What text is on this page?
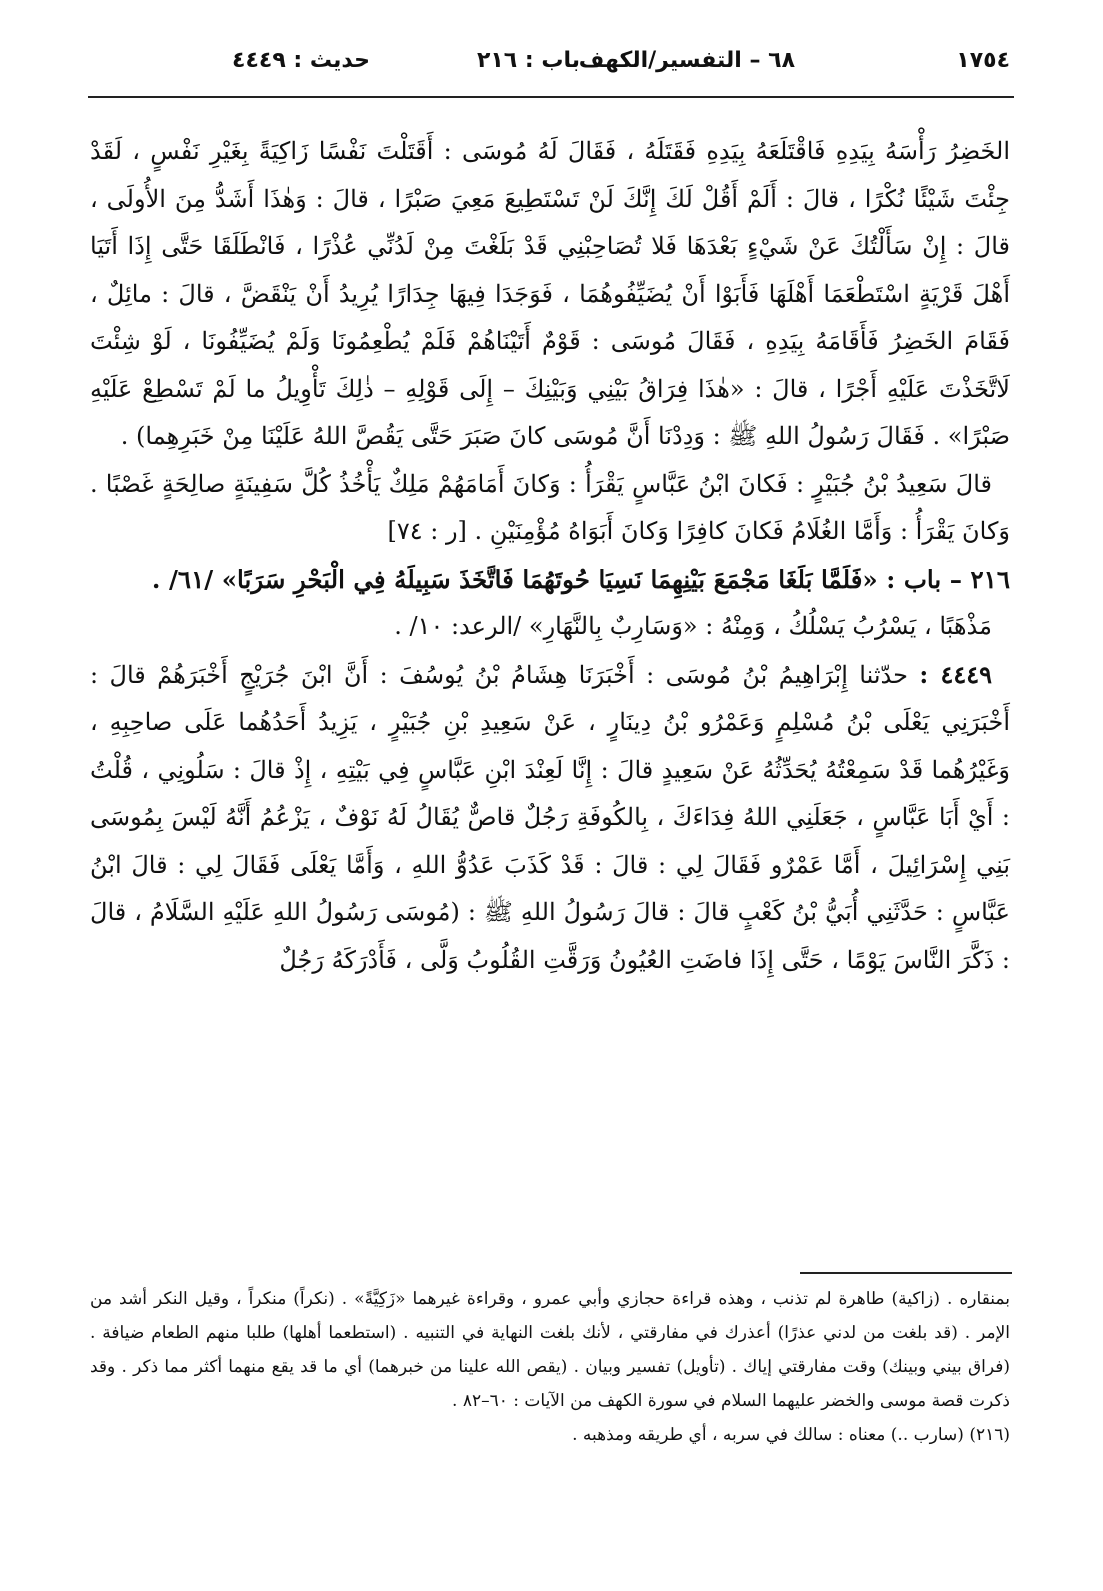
١٧٥٤
٦٨ – التفسير/الكهف
باب : ٢١٦
حديث : ٤٤٤٩

الخَضِرُ رَأْسَهُ بِيَدِهِ فَاقْتَلَعَهُ بِيَدِهِ فَقَتَلَهُ ، فَقَالَ لَهُ مُوسَى : أَقَتَلْتَ نَفْسًا زَاكِيَةً بِغَيْرِ نَفْسٍ ، لَقَدْ جِئْتَ شَيْئًا نُكْرًا ، قالَ : أَلَمْ أَقُلْ لَكَ إِنَّكَ لَنْ تَسْتَطِيعَ مَعِيَ صَبْرًا ، قالَ : وَهٰذَا أَشَدُّ مِنَ الأُولَى ، قالَ : إِنْ سَأَلْتُكَ عَنْ شَيْءٍ بَعْدَهَا فَلا تُصَاحِبْنِي قَدْ بَلَغْتَ مِنْ لَدُنِّي عُذْرًا ، فَانْطَلَقَا حَتَّى إِذَا أَتَيَا أَهْلَ قَرْيَةٍ اسْتَطْعَمَا أَهْلَهَا فَأَبَوْا أَنْ يُضَيِّفُوهُمَا ، فَوَجَدَا فِيهَا جِدَارًا يُرِيدُ أَنْ يَنْقَضَّ ، قالَ : مائِلٌ ، فَقَامَ الخَضِرُ فَأَقَامَهُ بِيَدِهِ ، فَقَالَ مُوسَى : قَوْمٌ أَتَيْنَاهُمْ فَلَمْ يُطْعِمُونَا وَلَمْ يُضَيِّفُونَا ، لَوْ شِئْتَ لَاتَّخَذْتَ عَلَيْهِ أَجْرًا ، قالَ : «هٰذَا فِرَاقُ بَيْنِي وَبَيْنِكَ – إِلَى قَوْلِهِ – ذٰلِكَ تَأْوِيلُ ما لَمْ تَسْطِعْ عَلَيْهِ صَبْرًا» . فَقَالَ رَسُولُ اللهِ ﷺ : وَدِدْنَا أَنَّ مُوسَى كانَ صَبَرَ حَتَّى يَقُصَّ اللهُ عَلَيْنَا مِنْ خَبَرِهِما) .

قالَ سَعِيدُ بْنُ جُبَيْرٍ : فَكانَ ابْنُ عَبَّاسٍ يَقْرَأُ : وَكانَ أَمَامَهُمْ مَلِكٌ يَأْخُذُ كُلَّ سَفِينَةٍ صالِحَةٍ غَصْبًا . وَكانَ يَقْرَأُ : وَأَمَّا الغُلَامُ فَكانَ كافِرًا وَكانَ أَبَوَاهُ مُؤْمِنَيْنِ . [ر : ٧٤]

٢١٦ – باب : «فَلَمَّا بَلَغَا مَجْمَعَ بَيْنِهِمَا نَسِيَا حُوتَهُمَا فَاتَّخَذَ سَبِيلَهُ فِي الْبَحْرِ سَرَبًا» /٦١/ .

مَذْهَبًا ، يَسْرُبُ يَسْلُكُ ، وَمِنْهُ : «وَسَارِبٌ بِالنَّهَارِ» /الرعد: ١٠/ .

٤٤٤٩ : حدّثنا إِبْرَاهِيمُ بْنُ مُوسَى : أَخْبَرَنَا هِشَامُ بْنُ يُوسُفَ : أَنَّ ابْنَ جُرَيْجٍ أَخْبَرَهُمْ قالَ : أَخْبَرَنِي يَعْلَى بْنُ مُسْلِمٍ وَعَمْرُو بْنُ دِينَارٍ ، عَنْ سَعِيدِ بْنِ جُبَيْرٍ ، يَزِيدُ أَحَدُهُما عَلَى صاحِبِهِ ، وَغَيْرُهُما قَدْ سَمِعْتُهُ يُحَدِّثُهُ عَنْ سَعِيدٍ قالَ : إِنَّا لَعِنْدَ ابْنِ عَبَّاسٍ فِي بَيْتِهِ ، إِذْ قالَ : سَلُونِي ، قُلْتُ : أَيْ أَبَا عَبَّاسٍ ، جَعَلَنِي اللهُ فِدَاءَكَ ، بِالكُوفَةِ رَجُلٌ قاصٌّ يُقَالُ لَهُ نَوْفٌ ، يَزْعُمُ أَنَّهُ لَيْسَ بِمُوسَى بَنِي إِسْرَائِيلَ ، أَمَّا عَمْرٌو فَقَالَ لِي : قالَ : قَدْ كَذَبَ عَدُوُّ اللهِ ، وَأَمَّا يَعْلَى فَقَالَ لِي : قالَ ابْنُ عَبَّاسٍ : حَدَّثَنِي أُبَيُّ بْنُ كَعْبٍ قالَ : قالَ رَسُولُ اللهِ ﷺ : (مُوسَى رَسُولُ اللهِ عَلَيْهِ السَّلَامُ ، قالَ : ذَكَّرَ النَّاسَ يَوْمًا ، حَتَّى إِذَا فاضَتِ العُيُونُ وَرَقَّتِ القُلُوبُ وَلَّى ، فَأَدْرَكَهُ رَجُلٌ

بمنقاره . (زاكية) طاهرة لم تذنب ، وهذه قراءة حجازي وأبي عمرو ، وقراءة غيرهما «زَكِيَّةً» . (نكراً) منكراً ، وقيل النكر أشد من الإمر . (قد بلغت من لدني عذرًا) أعذرك في مفارقتي ، لأنك بلغت النهاية في التنبيه . (استطعما أهلها) طلبا منهم الطعام ضيافة . (فراق بيني وبينك) وقت مفارقتي إياك . (تأويل) تفسير وبيان . (يقص الله علينا من خبرهما) أي ما قد يقع منهما أكثر مما ذكر . وقد ذكرت قصة موسى والخضر عليهما السلام في سورة الكهف من الآيات : ٦٠–٨٢ .

(٢١٦) (سارب ..) معناه : سالك في سربه ، أي طريقه ومذهبه .
